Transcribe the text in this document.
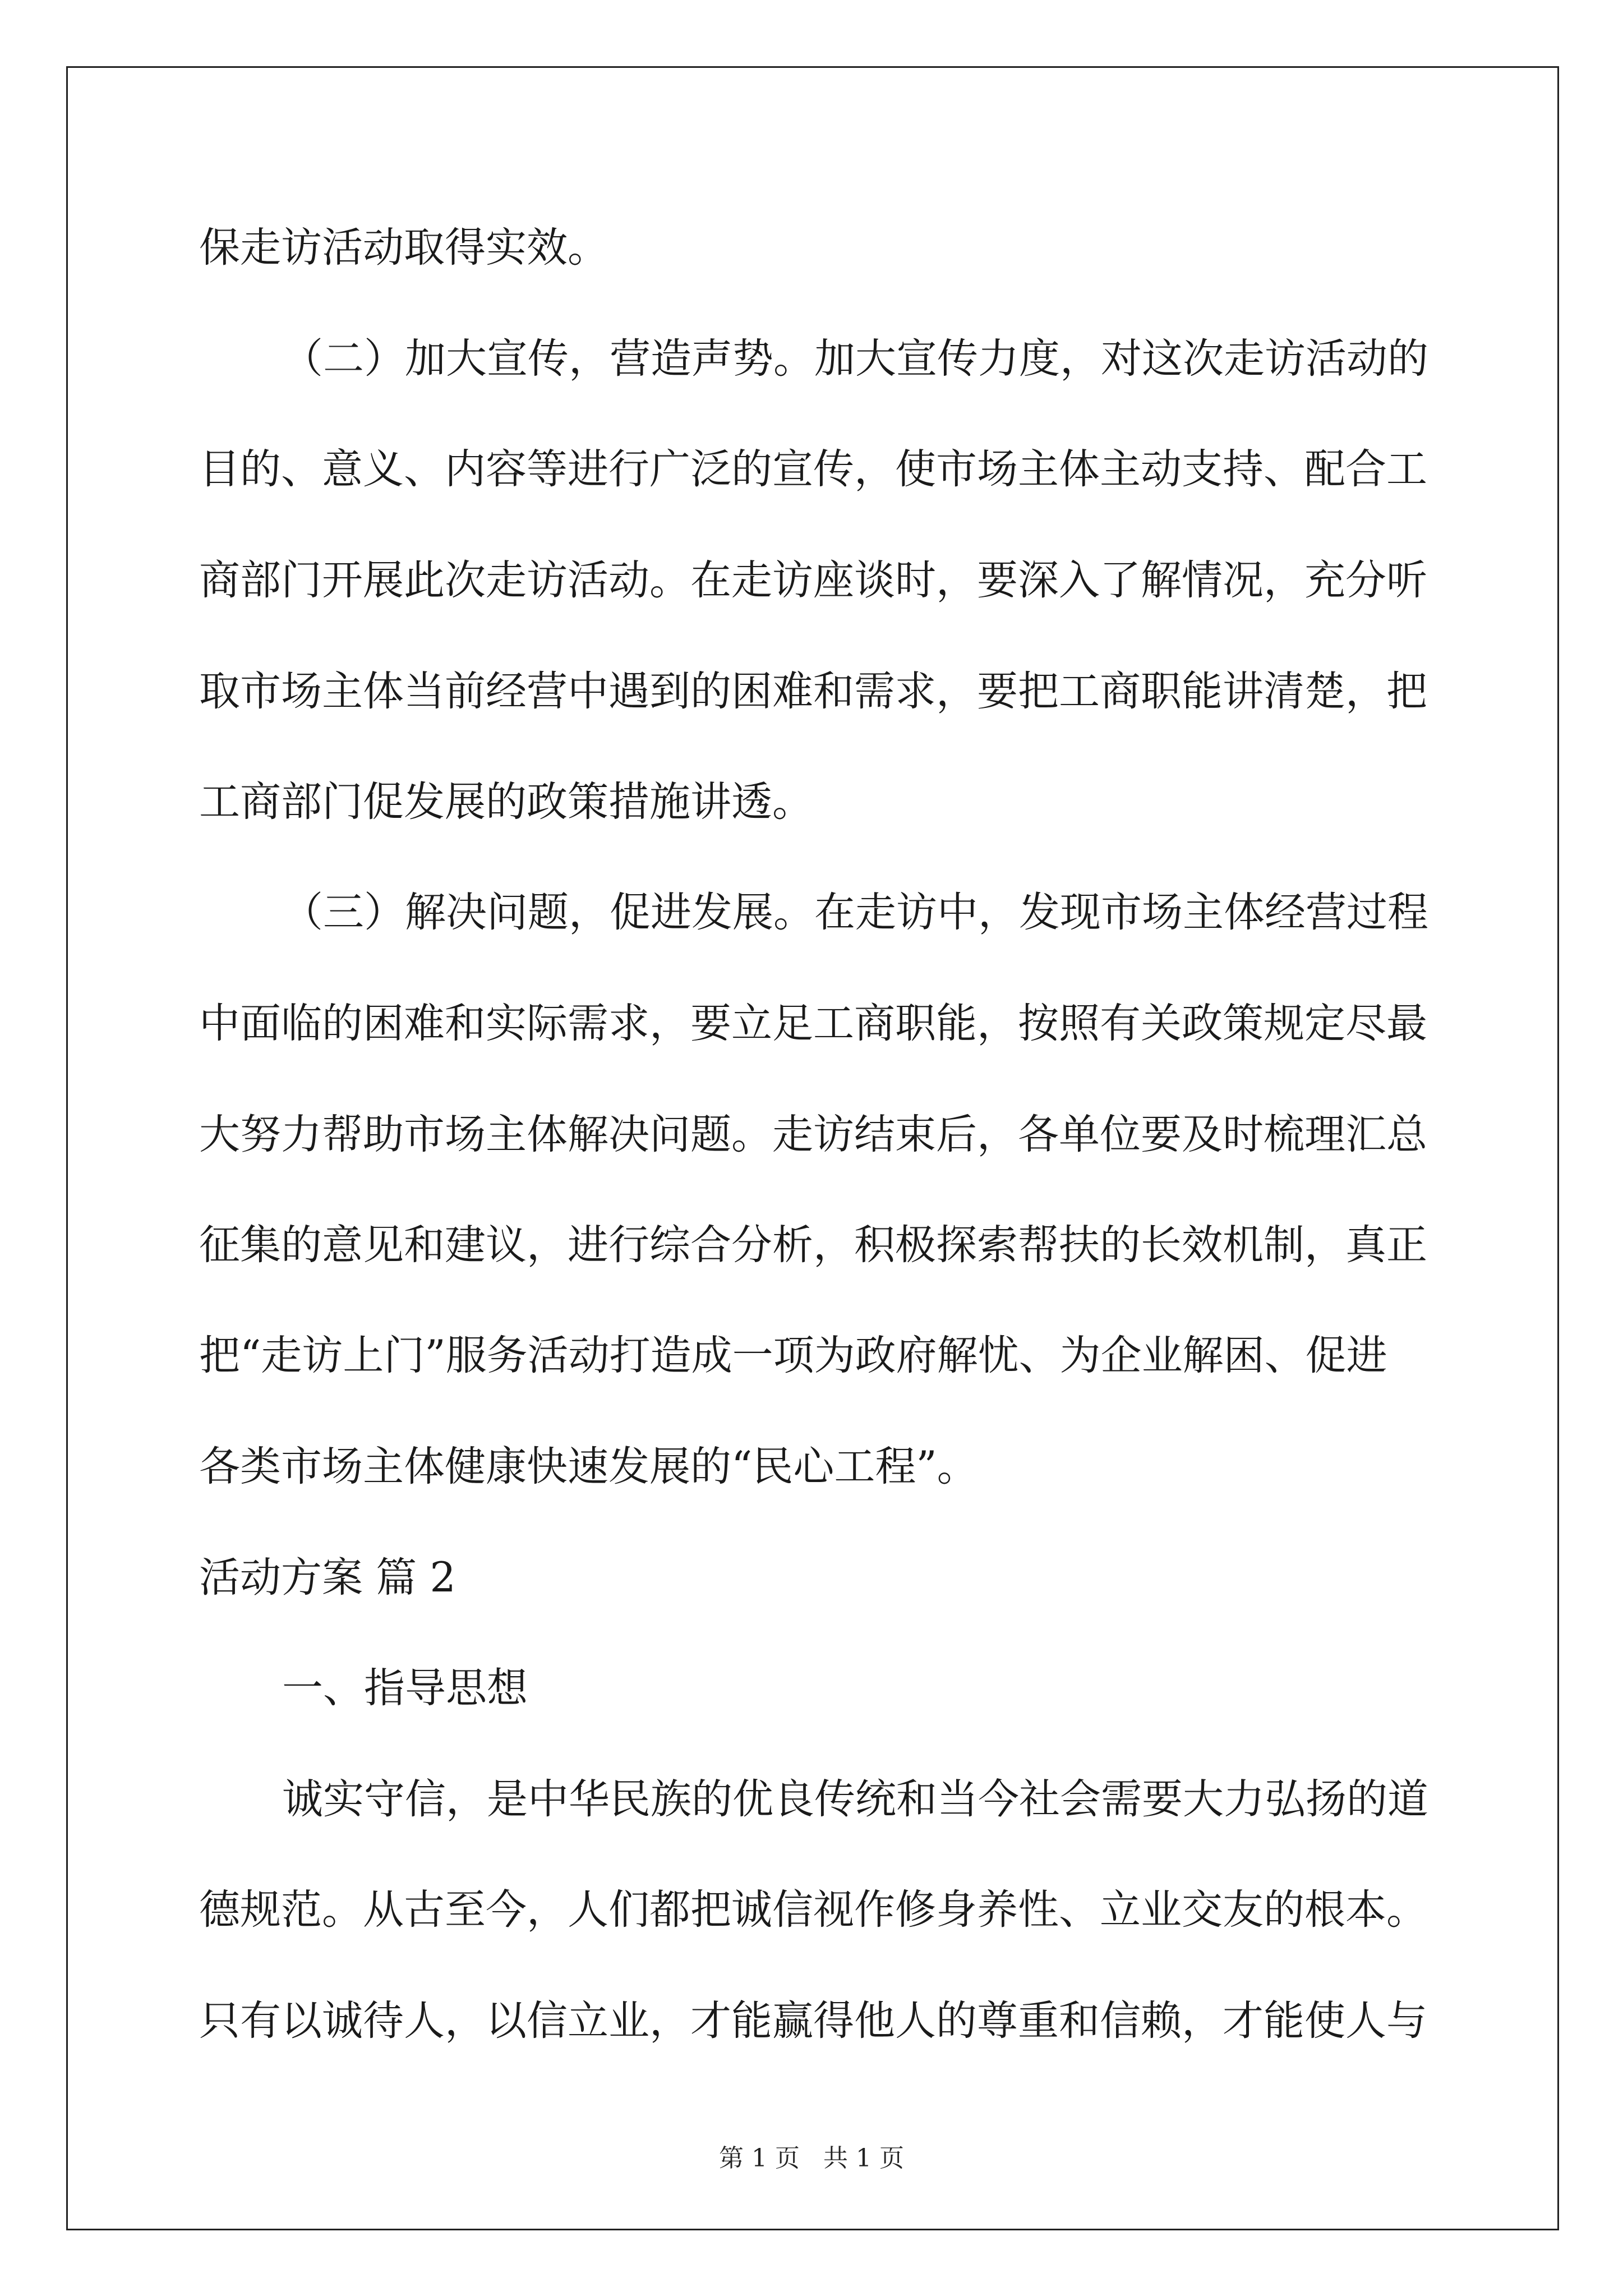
保走访活动取得实效。
（二）加大宣传，营造声势。加大宣传力度，对这次走访活动的
目的、意义、内容等进行广泛的宣传，使市场主体主动支持、配合工
商部门开展此次走访活动。在走访座谈时，要深入了解情况，充分听
取市场主体当前经营中遇到的困难和需求，要把工商职能讲清楚，把
工商部门促发展的政策措施讲透。
（三）解决问题，促进发展。在走访中，发现市场主体经营过程
中面临的困难和实际需求，要立足工商职能，按照有关政策规定尽最
大努力帮助市场主体解决问题。走访结束后，各单位要及时梳理汇总
征集的意见和建议，进行综合分析，积极探索帮扶的长效机制，真正
把“走访上门”服务活动打造成一项为政府解忧、为企业解困、促进
各类市场主体健康快速发展的“民心工程”。
活动方案 篇 2
一、指导思想
诚实守信，是中华民族的优良传统和当今社会需要大力弘扬的道
德规范。从古至今，人们都把诚信视作修身养性、立业交友的根本。
只有以诚待人，以信立业，才能赢得他人的尊重和信赖，才能使人与
第 1 页   共 1 页
